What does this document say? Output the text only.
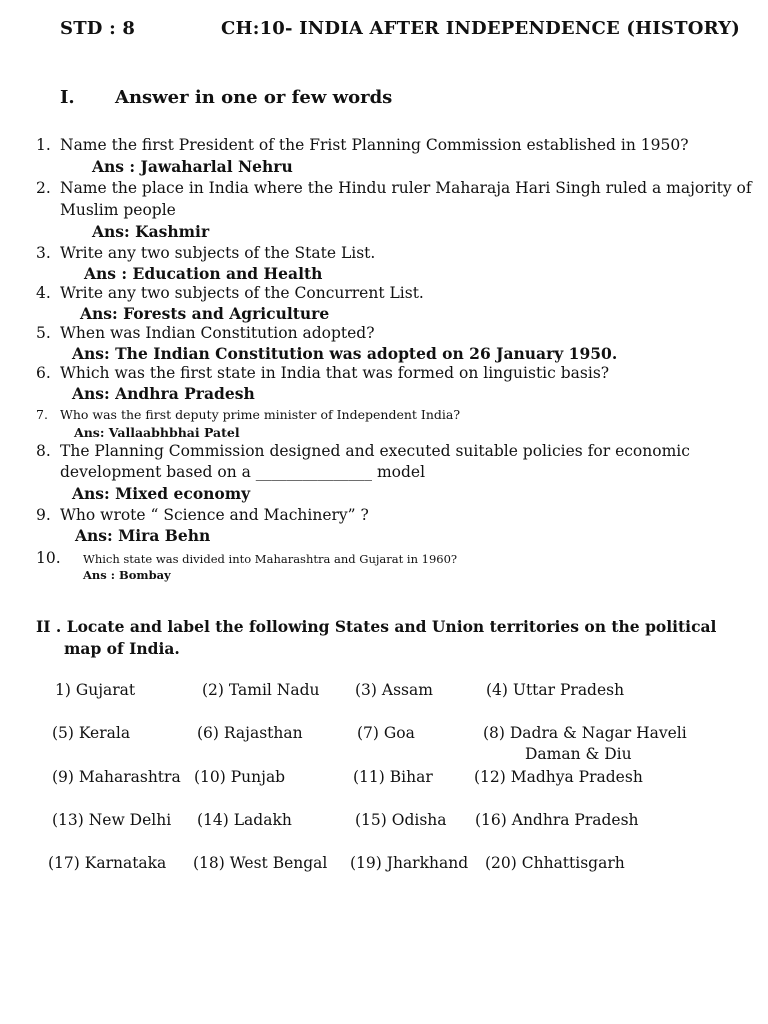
STD : 8	CH:10- INDIA AFTER INDEPENDENCE (HISTORY)
I. Answer in one or few words
1. Name the first President of the Frist Planning Commission established in 1950?
Ans : Jawaharlal Nehru
2. Name the place in India where the Hindu ruler Maharaja Hari Singh ruled a majority of
Muslim people
Ans: Kashmir
3. Write any two subjects of the State List.
Ans : Education and Health
4. Write any two subjects of the Concurrent List.
Ans: Forests and Agriculture
5. When was Indian Constitution adopted?
Ans: The Indian Constitution was adopted on 26 January 1950.
6. Which was the first state in India that was formed on linguistic basis?
Ans: Andhra Pradesh
7. Who was the first deputy prime minister of Independent India?
Ans: Vallaabhbhai Patel
8. The Planning Commission designed and executed suitable policies for economic
development based on a _______________ model
Ans: Mixed economy
9. Who wrote “ Science and Machinery” ?
Ans: Mira Behn
10. Which state was divided into Maharashtra and Gujarat in 1960?
Ans : Bombay
II . Locate and label the following States and Union territories on the political
map of India.
1) Gujarat	(2) Tamil Nadu (3) Assam	(4) Uttar Pradesh
(5) Kerala	(6) Rajasthan	(7) Goa	(8) Dadra & Nagar Haveli
Daman & Diu
(9) Maharashtra (10) Punjab	(11) Bihar	(12) Madhya Pradesh
(13) New Delhi (14) Ladakh	(15) Odisha (16) Andhra Pradesh
(17) Karnataka (18) West Bengal (19) Jharkhand (20) Chhattisgarh
